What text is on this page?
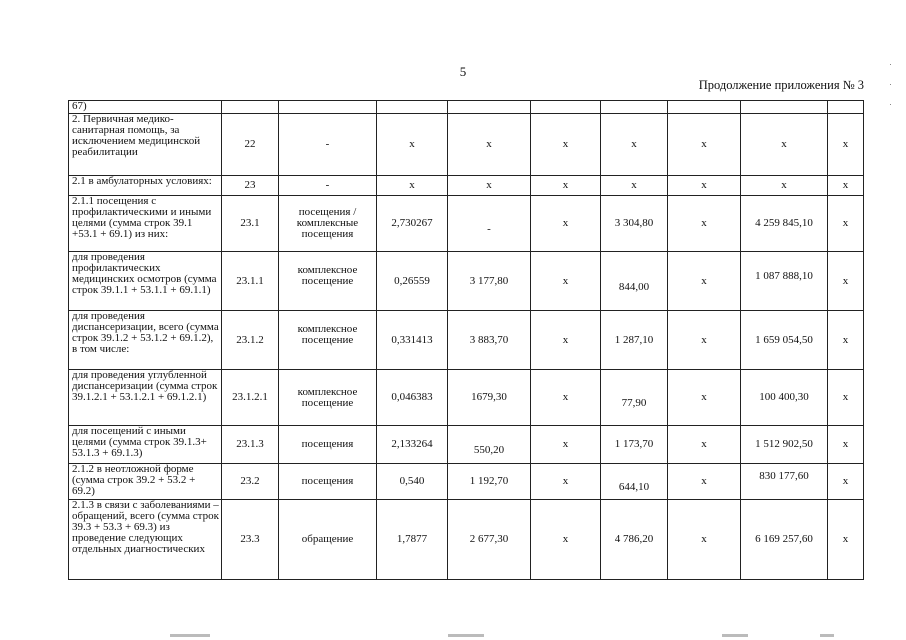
5
Продолжение приложения № 3
67)									
2. Первичная медико-санитарная помощь, за исключением медицинской реабилитации	22	-	x	x	x	x	x	x	x
2.1 в амбулаторных условиях:	23	-	x	x	x	x	x	x	x
2.1.1 посещения с профилактическими и иными целями (сумма строк 39.1 +53.1 + 69.1) из них:	23.1	посещения / комплексные посещения	2,730267	-	x	3 304,80	x	4 259 845,10	x
для проведения профилактических медицинских осмотров (сумма строк 39.1.1 + 53.1.1 + 69.1.1)	23.1.1	комплексное посещение	0,26559	3 177,80	x	844,00	x	1 087 888,10	x
для проведения диспансеризации, всего (сумма строк 39.1.2 + 53.1.2 + 69.1.2), в том числе:	23.1.2	комплексное посещение	0,331413	3 883,70	x	1 287,10	x	1 659 054,50	x
для проведения углубленной диспансеризации (сумма строк 39.1.2.1 + 53.1.2.1 + 69.1.2.1)	23.1.2.1	комплексное посещение	0,046383	1679,30	x	77,90	x	100 400,30	x
для посещений с иными целями (сумма строк 39.1.3+ 53.1.3 + 69.1.3)	23.1.3	посещения	2,133264	550,20	x	1 173,70	x	1 512 902,50	x
2.1.2 в неотложной форме (сумма строк 39.2 + 53.2 + 69.2)	23.2	посещения	0,540	1 192,70	x	644,10	x	830 177,60	x
2.1.3 в связи с заболеваниями – обращений, всего (сумма строк 39.3 + 53.3 + 69.3) из проведение следующих отдельных диагностических	23.3	обращение	1,7877	2 677,30	x	4 786,20	x	6 169 257,60	x
